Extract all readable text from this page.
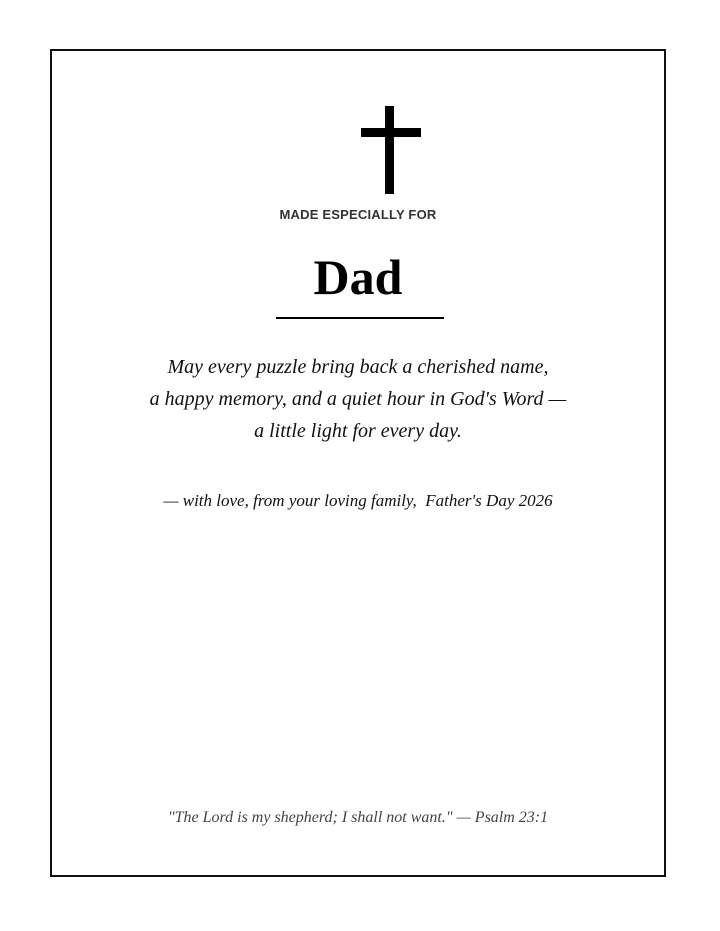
MADE ESPECIALLY FOR
Dad
May every puzzle bring back a cherished name,
a happy memory, and a quiet hour in God's Word —
a little light for every day.
— with love, from your loving family,  Father's Day 2026
"The Lord is my shepherd; I shall not want." — Psalm 23:1
